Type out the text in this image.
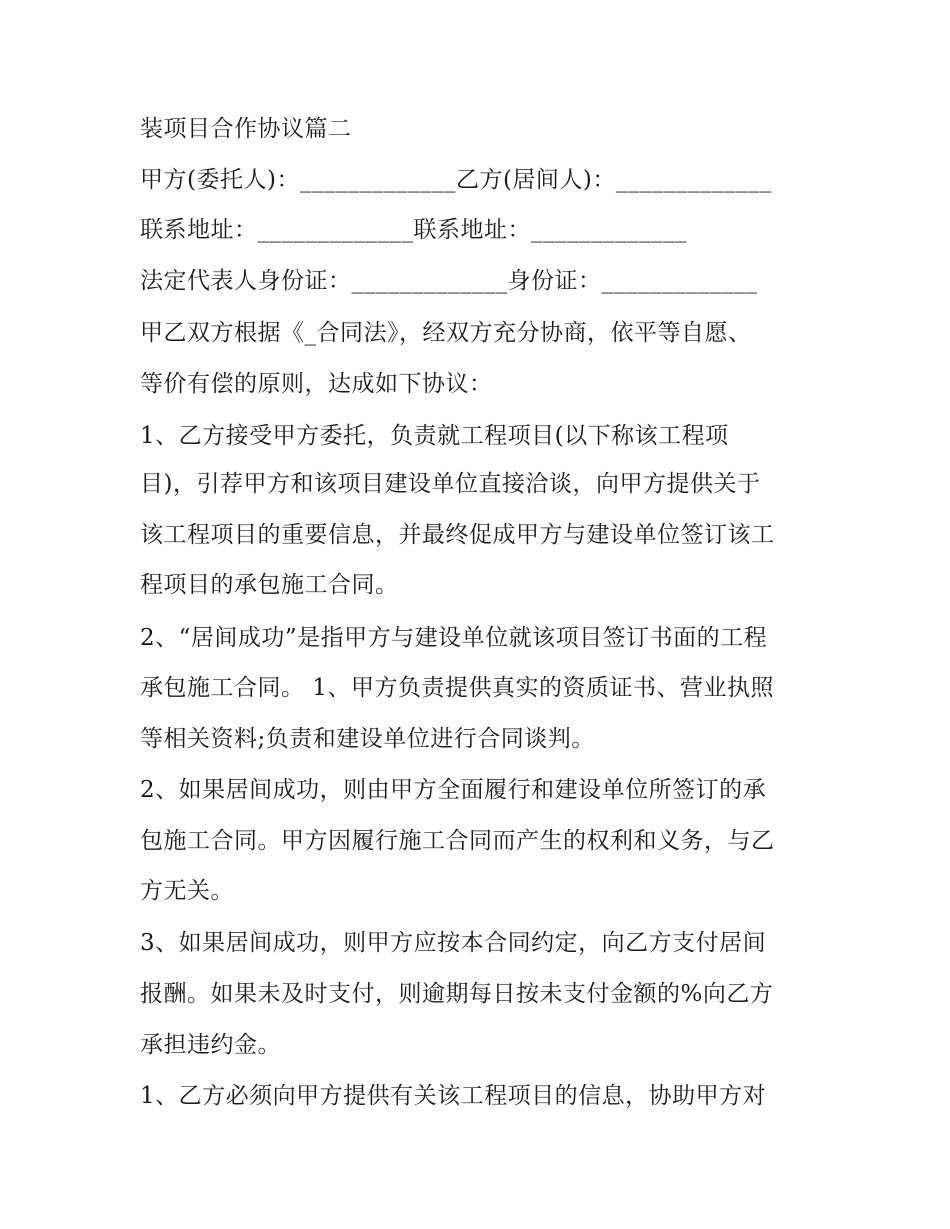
装项目合作协议篇二
甲方(委托人)：_____________乙方(居间人)：_____________
联系地址：_____________联系地址：_____________
法定代表人身份证：_____________身份证：_____________
甲乙双方根据《_合同法》，经双方充分协商，依平等自愿、
等价有偿的原则，达成如下协议：
1、乙方接受甲方委托，负责就工程项目(以下称该工程项
目)，引荐甲方和该项目建设单位直接洽谈，向甲方提供关于
该工程项目的重要信息，并最终促成甲方与建设单位签订该工
程项目的承包施工合同。
2、“居间成功”是指甲方与建设单位就该项目签订书面的工程
承包施工合同。 1、甲方负责提供真实的资质证书、营业执照
等相关资料;负责和建设单位进行合同谈判。
2、如果居间成功，则由甲方全面履行和建设单位所签订的承
包施工合同。甲方因履行施工合同而产生的权利和义务，与乙
方无关。
3、如果居间成功，则甲方应按本合同约定，向乙方支付居间
报酬。如果未及时支付，则逾期每日按未支付金额的%向乙方
承担违约金。
1、乙方必须向甲方提供有关该工程项目的信息，协助甲方对
